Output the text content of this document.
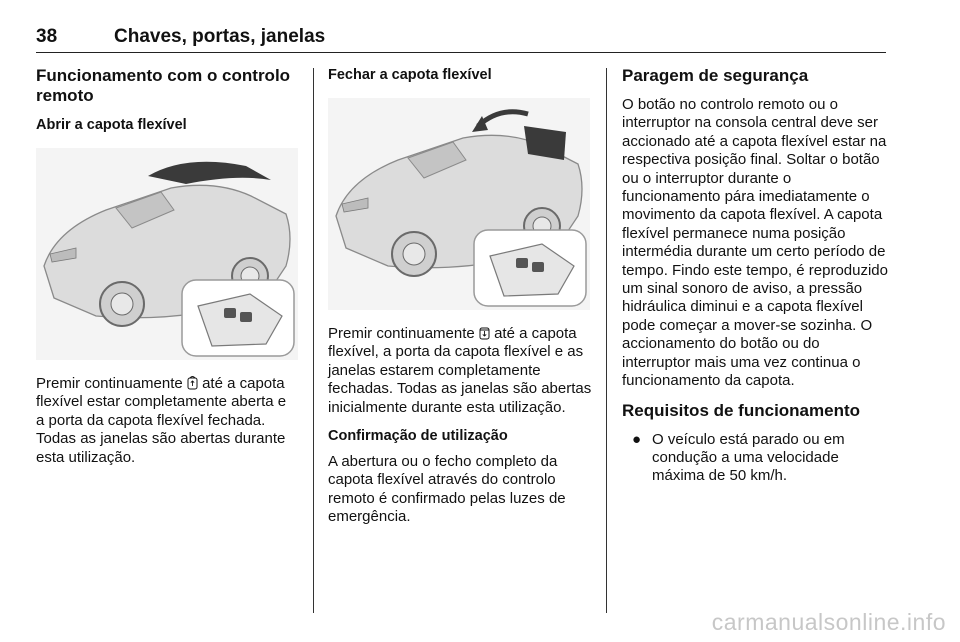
38	Chaves, portas, janelas
Funcionamento com o controlo remoto
Abrir a capota flexível

Premir continuamente  até a capota flexível estar completamente aberta e a porta da capota flexível fechada. Todas as janelas são abertas durante esta utilização.

Fechar a capota flexível

Premir continuamente  até a capota flexível, a porta da capota flexível e as janelas estarem completamente fechadas. Todas as janelas são abertas inicialmente durante esta utilização.

Confirmação de utilização

A abertura ou o fecho completo da capota flexível através do controlo remoto é confirmado pelas luzes de emergência.

Paragem de segurança

O botão no controlo remoto ou o interruptor na consola central deve ser accionado até a capota flexível estar na respectiva posição final. Soltar o botão ou o interruptor durante o funcionamento pára imediatamente o movimento da capota flexível. A capota flexível permanece numa posição intermédia durante um certo período de tempo. Findo este tempo, é reproduzido um sinal sonoro de aviso, a pressão hidráulica diminui e a capota flexível pode começar a mover-se sozinha. O accionamento do botão ou do interruptor mais uma vez continua o funcionamento da capota.

Requisitos de funcionamento
● O veículo está parado ou em condução a uma velocidade máxima de 50 km/h.
carmanualsonline.info
